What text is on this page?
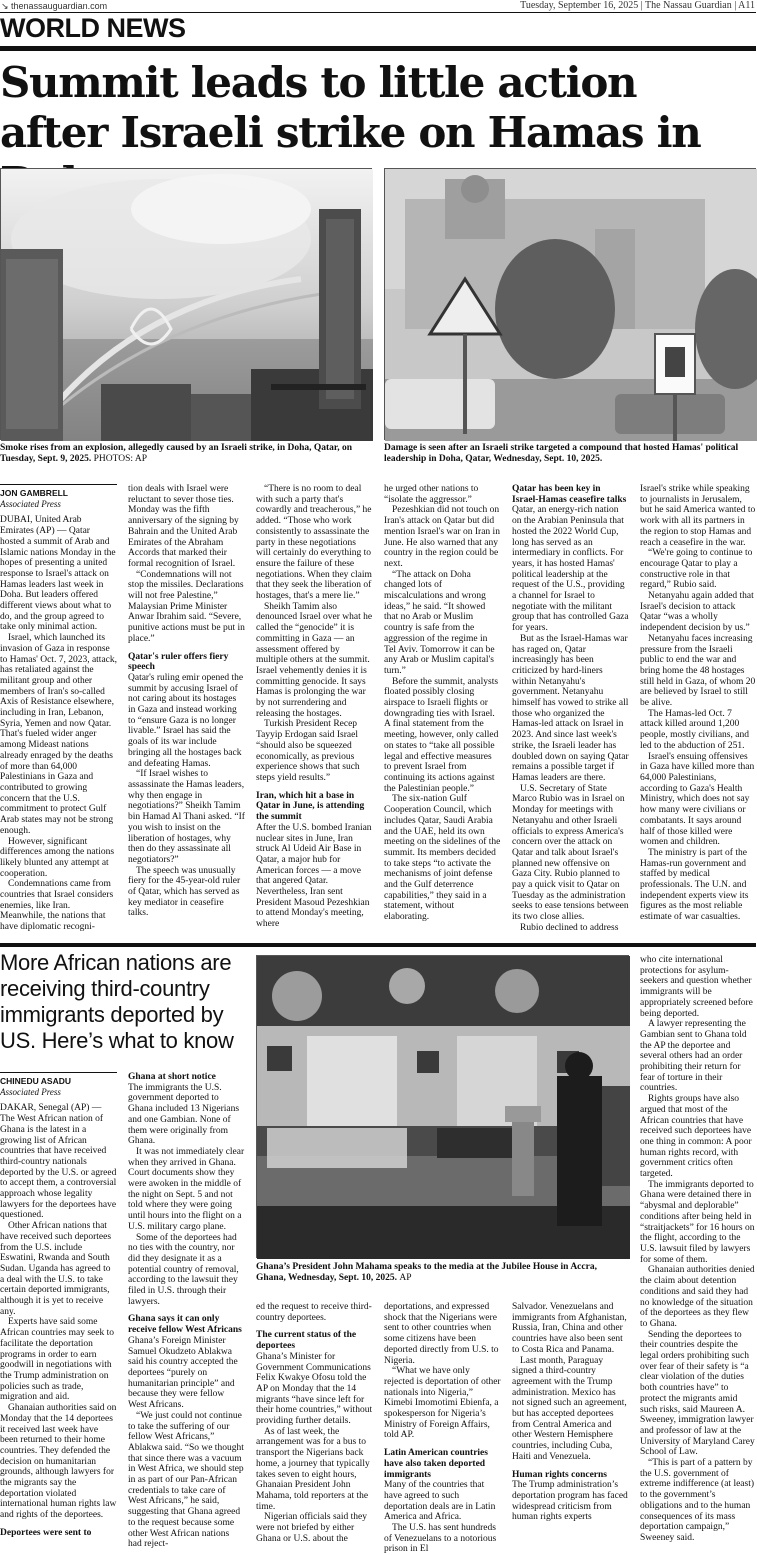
↘ thenassauguardian.com	Tuesday, September 16, 2025 | The Nassau Guardian | A11
WORLD NEWS
Summit leads to little action after Israeli strike on Hamas in
Smoke rises from an explosion, allegedly caused by an Israeli strike, in Doha, Qatar, on Tuesday, Sept. 9, 2025. PHOTOS: AP
Damage is seen after an Israeli strike targeted a compound that hosted Hamas' political leadership in Doha, Qatar, Wednesday, Sept. 10, 2025.
JON GAMBRELL
Associated Press

DUBAI, United Arab Emirates (AP) — Qatar hosted a summit of Arab and Islamic nations Monday in the hopes of presenting a united response to Israel's attack on Hamas leaders last week in Doha. But leaders offered different views about what to do, and the group agreed to take only minimal action.

Israel, which launched its invasion of Gaza in response to Hamas' Oct. 7, 2023, attack, has retaliated against the militant group and other members of Iran's so-called Axis of Resistance elsewhere, including in Iran, Lebanon, Syria, Yemen and now Qatar. That's fueled wider anger among Mideast nations already enraged by the deaths of more than 64,000 Palestinians in Gaza and contributed to growing concern that the U.S. commitment to protect Gulf Arab states may not be strong enough.

However, significant differences among the nations likely blunted any attempt at cooperation.

Condemnations came from countries that Israel considers enemies, like Iran. Meanwhile, the nations that have diplomatic recogni-

tion deals with Israel were reluctant to sever those ties. Monday was the fifth anniversary of the signing by Bahrain and the United Arab Emirates of the Abraham Accords that marked their formal recognition of Israel.

“Condemnations will not stop the missiles. Declarations will not free Palestine,” Malaysian Prime Minister Anwar Ibrahim said. “Severe, punitive actions must be put in place.”

Qatar's ruler offers fiery speech

Qatar's ruling emir opened the summit by accusing Israel of not caring about its hostages in Gaza and instead working to “ensure Gaza is no longer livable.” Israel has said the goals of its war include bringing all the hostages back and defeating Hamas.

“If Israel wishes to assassinate the Hamas leaders, why then engage in negotiations?” Sheikh Tamim bin Hamad Al Thani asked. “If you wish to insist on the liberation of hostages, why then do they assassinate all negotiators?”

The speech was unusually fiery for the 45-year-old ruler of Qatar, which has served as key mediator in ceasefire talks.

“There is no room to deal with such a party that's cowardly and treacherous,” he added. “Those who work consistently to assassinate the party in these negotiations will certainly do everything to ensure the failure of these negotiations. When they claim that they seek the liberation of hostages, that's a mere lie.”

Sheikh Tamim also denounced Israel over what he called the “genocide” it is committing in Gaza — an assessment offered by multiple others at the summit. Israel vehemently denies it is committing genocide. It says Hamas is prolonging the war by not surrendering and releasing the hostages.

Turkish President Recep Tayyip Erdogan said Israel “should also be squeezed economically, as previous experience shows that such steps yield results.”

Iran, which hit a base in Qatar in June, is attending the summit

After the U.S. bombed Iranian nuclear sites in June, Iran struck Al Udeid Air Base in Qatar, a major hub for American forces — a move that angered Qatar. Nevertheless, Iran sent President Masoud Pezeshkian to attend Monday's meeting, where

he urged other nations to “isolate the aggressor.”

Pezeshkian did not touch on Iran's attack on Qatar but did mention Israel's war on Iran in June. He also warned that any country in the region could be next.

“The attack on Doha changed lots of miscalculations and wrong ideas,” he said. “It showed that no Arab or Muslim country is safe from the aggression of the regime in Tel Aviv. Tomorrow it can be any Arab or Muslim capital's turn.”

Before the summit, analysts floated possibly closing airspace to Israeli flights or downgrading ties with Israel. A final statement from the meeting, however, only called on states to “take all possible legal and effective measures to prevent Israel from continuing its actions against the Palestinian people.”

The six-nation Gulf Cooperation Council, which includes Qatar, Saudi Arabia and the UAE, held its own meeting on the sidelines of the summit. Its members decided to take steps “to activate the mechanisms of joint defense and the Gulf deterrence capabilities,” they said in a statement, without elaborating.

Qatar has been key in Israel-Hamas ceasefire talks

Qatar, an energy-rich nation on the Arabian Peninsula that hosted the 2022 World Cup, long has served as an intermediary in conflicts. For years, it has hosted Hamas' political leadership at the request of the U.S., providing a channel for Israel to negotiate with the militant group that has controlled Gaza for years.

But as the Israel-Hamas war has raged on, Qatar increasingly has been criticized by hard-liners within Netanyahu's government. Netanyahu himself has vowed to strike all those who organized the Hamas-led attack on Israel in 2023. And since last week's strike, the Israeli leader has doubled down on saying Qatar remains a possible target if Hamas leaders are there.

U.S. Secretary of State Marco Rubio was in Israel on Monday for meetings with Netanyahu and other Israeli officials to express America's concern over the attack on Qatar and talk about Israel's planned new offensive on Gaza City. Rubio planned to pay a quick visit to Qatar on Tuesday as the administration seeks to ease tensions between its two close allies.

Rubio declined to address

Israel's strike while speaking to journalists in Jerusalem, but he said America wanted to work with all its partners in the region to stop Hamas and reach a ceasefire in the war.

“We're going to continue to encourage Qatar to play a constructive role in that regard,” Rubio said.

Netanyahu again added that Israel's decision to attack Qatar “was a wholly independent decision by us.”

Netanyahu faces increasing pressure from the Israeli public to end the war and bring home the 48 hostages still held in Gaza, of whom 20 are believed by Israel to still be alive.

The Hamas-led Oct. 7 attack killed around 1,200 people, mostly civilians, and led to the abduction of 251.

Israel's ensuing offensives in Gaza have killed more than 64,000 Palestinians, according to Gaza's Health Ministry, which does not say how many were civilians or combatants. It says around half of those killed were women and children.

The ministry is part of the Hamas-run government and staffed by medical professionals. The U.N. and independent experts view its figures as the most reliable estimate of war casualties.

More African nations are receiving third-country immigrants deported by US. Here’s what to know
Ghana’s President John Mahama speaks to the media at the Jubilee House in Accra, Ghana, Wednesday, Sept. 10, 2025. AP
CHINEDU ASADU
Associated Press

DAKAR, Senegal (AP) — The West African nation of Ghana is the latest in a growing list of African countries that have received third-country nationals deported by the U.S. or agreed to accept them, a controversial approach whose legality lawyers for the deportees have questioned.

Other African nations that have received such deportees from the U.S. include Eswatini, Rwanda and South Sudan. Uganda has agreed to a deal with the U.S. to take certain deported immigrants, although it is yet to receive any.

Experts have said some African countries may seek to facilitate the deportation programs in order to earn goodwill in negotiations with the Trump administration on policies such as trade, migration and aid.

Ghanaian authorities said on Monday that the 14 deportees it received last week have been returned to their home countries. They defended the decision on humanitarian grounds, although lawyers for the migrants say the deportation violated international human rights law and rights of the deportees.

Deportees were sent to

Ghana at short notice

The immigrants the U.S. government deported to Ghana included 13 Nigerians and one Gambian. None of them were originally from Ghana.

It was not immediately clear when they arrived in Ghana. Court documents show they were awoken in the middle of the night on Sept. 5 and not told where they were going until hours into the flight on a U.S. military cargo plane.

Some of the deportees had no ties with the country, nor did they designate it as a potential country of removal, according to the lawsuit they filed in U.S. through their lawyers.

Ghana says it can only receive fellow West Africans

Ghana’s Foreign Minister Samuel Okudzeto Ablakwa said his country accepted the deportees “purely on humanitarian principle” and because they were fellow West Africans.

“We just could not continue to take the suffering of our fellow West Africans,” Ablakwa said. “So we thought that since there was a vacuum in West Africa, we should step in as part of our Pan-African credentials to take care of West Africans,” he said, suggesting that Ghana agreed to the request because some other West African nations had reject-

ed the request to receive third-country deportees.

The current status of the deportees

Ghana’s Minister for Government Communications Felix Kwakye Ofosu told the AP on Monday that the 14 migrants “have since left for their home countries,” without providing further details.

As of last week, the arrangement was for a bus to transport the Nigerians back home, a journey that typically takes seven to eight hours, Ghanaian President John Mahama, told reporters at the time.

Nigerian officials said they were not briefed by either Ghana or U.S. about the

deportations, and expressed shock that the Nigerians were sent to other countries when some citizens have been deported directly from U.S. to Nigeria.

“What we have only rejected is deportation of other nationals into Nigeria,” Kimebi Imomotimi Ebienfa, a spokesperson for Nigeria’s Ministry of Foreign Affairs, told AP.

Latin American countries have also taken deported immigrants

Many of the countries that have agreed to such deportation deals are in Latin America and Africa.

The U.S. has sent hundreds of Venezuelans to a notorious prison in El

Salvador. Venezuelans and immigrants from Afghanistan, Russia, Iran, China and other countries have also been sent to Costa Rica and Panama.

Last month, Paraguay signed a third-country agreement with the Trump administration. Mexico has not signed such an agreement, but has accepted deportees from Central America and other Western Hemisphere countries, including Cuba, Haiti and Venezuela.

Human rights concerns

The Trump administration’s deportation program has faced widespread criticism from human rights experts

who cite international protections for asylum-seekers and question whether immigrants will be appropriately screened before being deported.

A lawyer representing the Gambian sent to Ghana told the AP the deportee and several others had an order prohibiting their return for fear of torture in their countries.

Rights groups have also argued that most of the African countries that have received such deportees have one thing in common: A poor human rights record, with government critics often targeted.

The immigrants deported to Ghana were detained there in “abysmal and deplorable” conditions after being held in “straitjackets” for 16 hours on the flight, according to the U.S. lawsuit filed by lawyers for some of them.

Ghanaian authorities denied the claim about detention conditions and said they had no knowledge of the situation of the deportees as they flew to Ghana.

Sending the deportees to their countries despite the legal orders prohibiting such over fear of their safety is “a clear violation of the duties both countries have” to protect the migrants amid such risks, said Maureen A. Sweeney, immigration lawyer and professor of law at the University of Maryland Carey School of Law.

“This is part of a pattern by the U.S. government of extreme indifference (at least) to the government’s obligations and to the human consequences of its mass deportation campaign,” Sweeney said.
